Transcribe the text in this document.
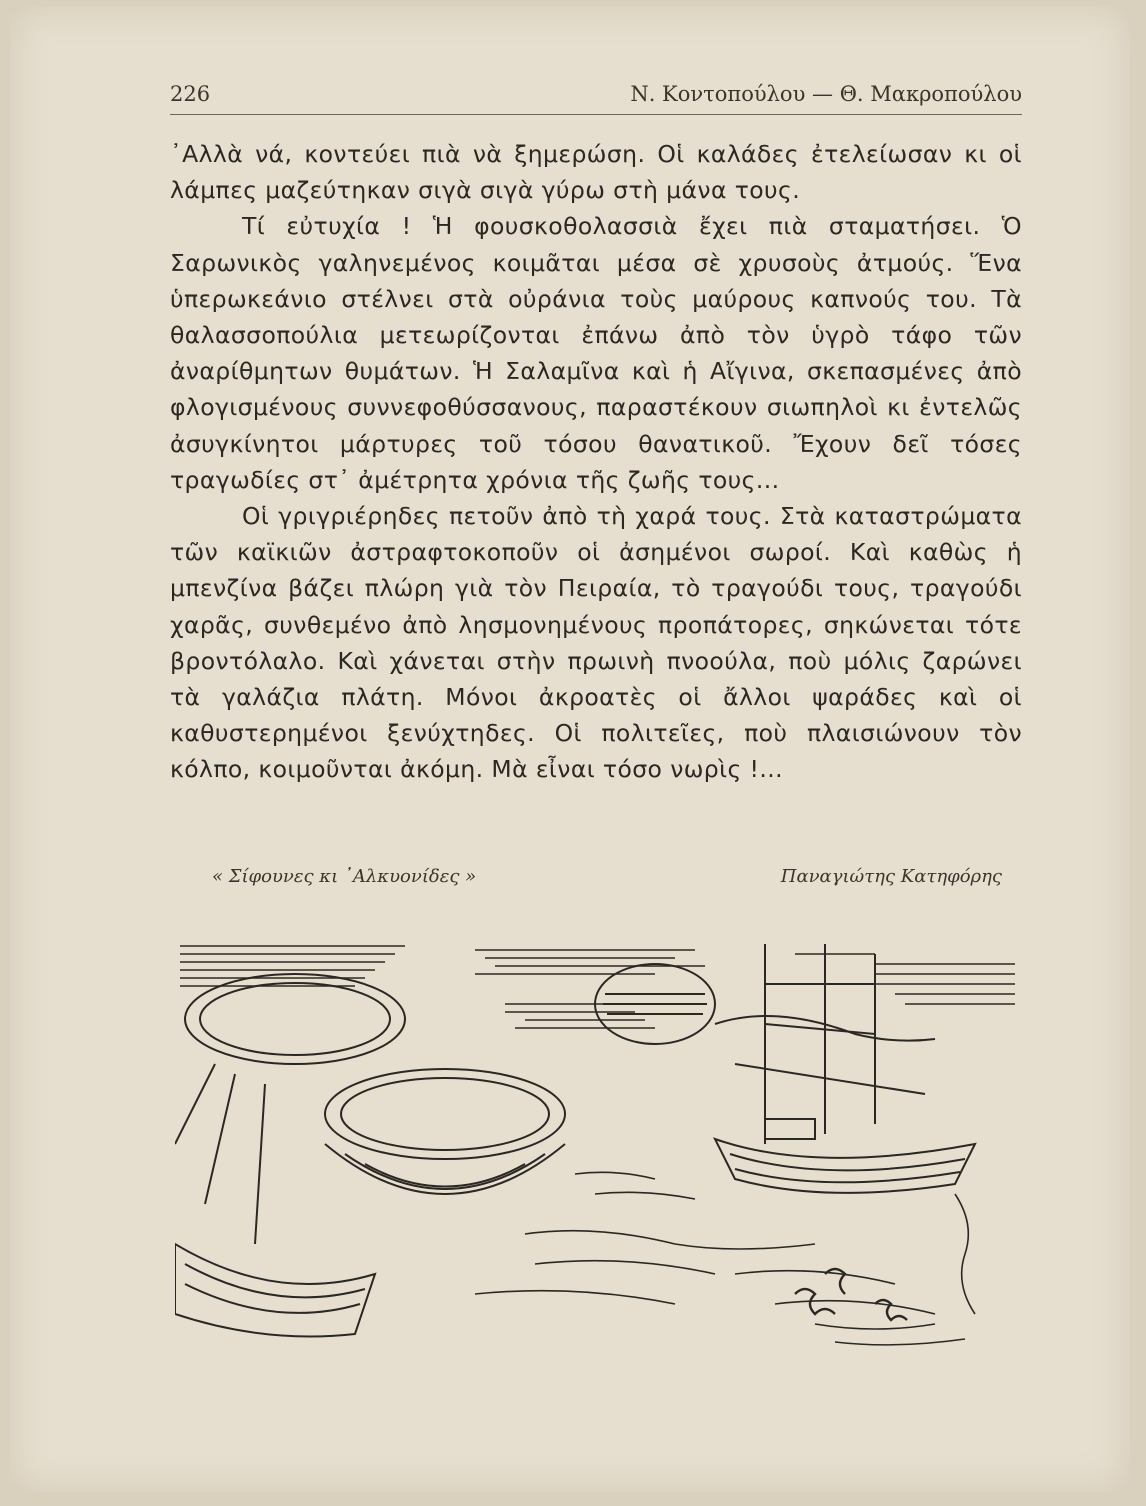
226	Ν. Κοντοπούλου — Θ. Μακροπούλου

᾿Αλλὰ νά, κοντεύει πιὰ νὰ ξημερώση. Οἱ καλάδες ἐτελείωσαν κι οἱ λάμπες μαζεύτηκαν σιγὰ σιγὰ γύρω στὴ μάνα τους.

Τί εὐτυχία ! Ἡ φουσκοθολασσιὰ ἔχει πιὰ σταματήσει. Ὁ Σαρωνικὸς γαληνεμένος κοιμᾶται μέσα σὲ χρυσοὺς ἀτμούς. Ἕνα ὑπερωκεάνιο στέλνει στὰ οὐράνια τοὺς μαύρους καπνούς του. Τὰ θαλασσοπούλια μετεωρίζονται ἐπάνω ἀπὸ τὸν ὑγρὸ τάφο τῶν ἀναρίθμητων θυμάτων. Ἡ Σαλαμῖνα καὶ ἡ Αἴγινα, σκεπασμένες ἀπὸ φλογισμένους συννεφοθύσσανους, παραστέκουν σιωπηλοὶ κι ἐντελῶς ἀσυγκίνητοι μάρτυρες τοῦ τόσου θανατικοῦ. Ἔχουν δεῖ τόσες τραγωδίες στ᾿ ἀμέτρητα χρόνια τῆς ζωῆς τους...

Οἱ γριγριέρηδες πετοῦν ἀπὸ τὴ χαρά τους. Στὰ καταστρώματα τῶν καϊκιῶν ἀστραφτοκοποῦν οἱ ἀσημένοι σωροί. Καὶ καθὼς ἡ μπενζίνα βάζει πλώρη γιὰ τὸν Πειραία, τὸ τραγούδι τους, τραγούδι χαρᾶς, συνθεμένο ἀπὸ λησμονημένους προπάτορες, σηκώνεται τότε βροντόλαλο. Καὶ χάνεται στὴν πρωινὴ πνοούλα, ποὺ μόλις ζαρώνει τὰ γαλάζια πλάτη. Μόνοι ἀκροατὲς οἱ ἄλλοι ψαράδες καὶ οἱ καθυστερημένοι ξενύχτηδες. Οἱ πολιτεῖες, ποὺ πλαισιώνουν τὸν κόλπο, κοιμοῦνται ἀκόμη. Μὰ εἶναι τόσο νωρὶς !...

« Σίφουνες κι ᾿Αλκυονίδες »	Παναγιώτης Κατηφόρης
